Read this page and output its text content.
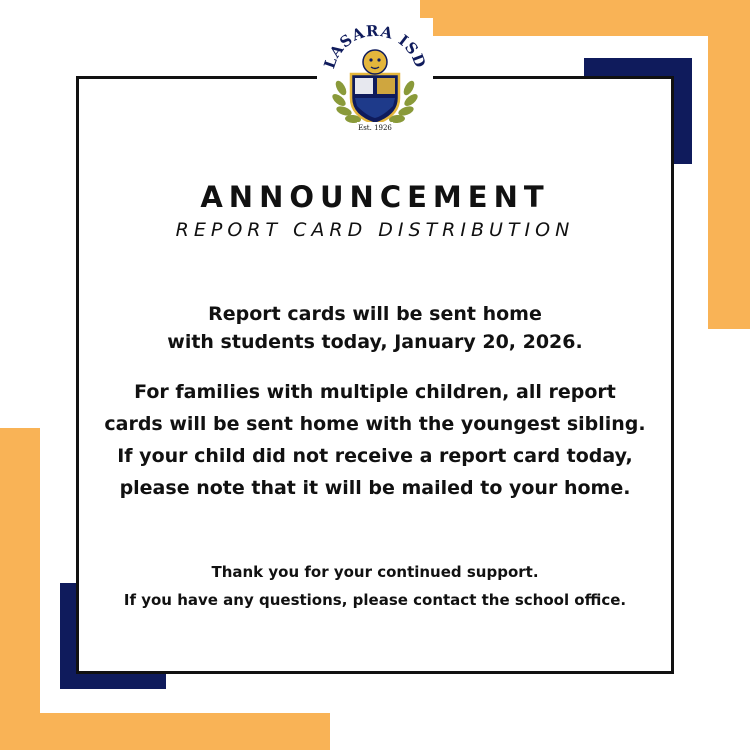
LASARA ISD
Est. 1926
ANNOUNCEMENT
REPORT CARD DISTRIBUTION
Report cards will be sent home
with students today, January 20, 2026.
For families with multiple children, all report
cards will be sent home with the youngest sibling.
If your child did not receive a report card today,
please note that it will be mailed to your home.
Thank you for your continued support.
If you have any questions, please contact the school office.
